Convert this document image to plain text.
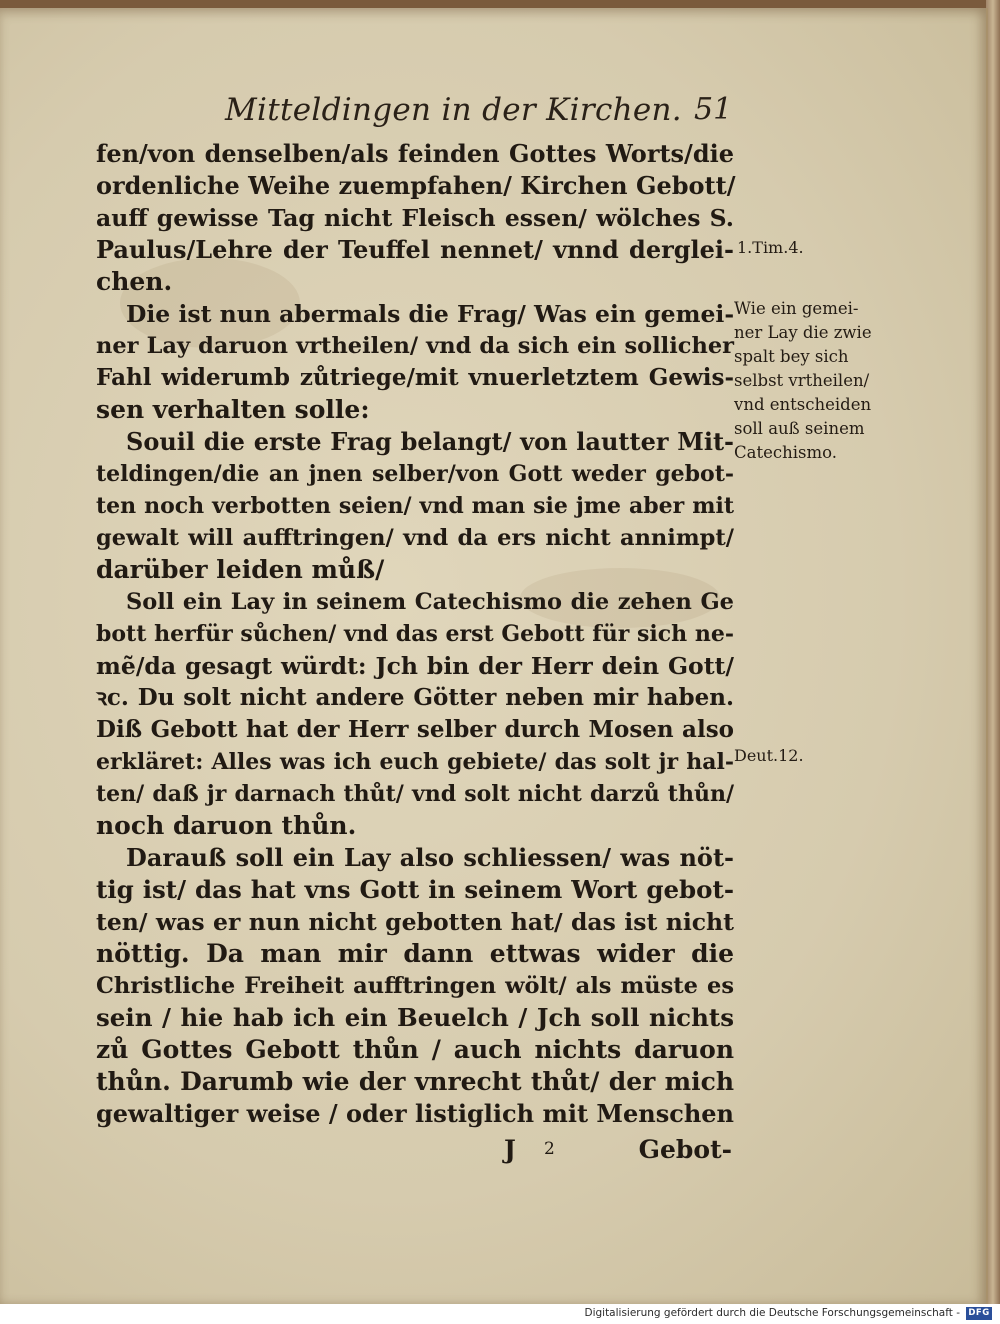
Mitteldingen in der Kirchen. 51
fen/von denselben/als feinden Gottes Worts/die
ordenliche Weihe zuempfahen/ Kirchen Gebott/
auff gewisse Tag nicht Fleisch essen/ wölches S.
Paulus/Lehre der Teuffel nennet/ vnnd derglei-
chen.
Die ist nun abermals die Frag/ Was ein gemei-
ner Lay daruon vrtheilen/ vnd da sich ein sollicher
Fahl widerumb zůtriege/mit vnuerletztem Gewis-
sen verhalten solle:
Souil die erste Frag belangt/ von lautter Mit-
teldingen/die an jnen selber/von Gott weder gebot-
ten noch verbotten seien/ vnd man sie jme aber mit
gewalt will aufftringen/ vnd da ers nicht annimpt/
darüber leiden můß/
Soll ein Lay in seinem Catechismo die zehen Ge
bott herfür sůchen/ vnd das erst Gebott für sich ne-
mẽ/da gesagt würdt: Jch bin der Herr dein Gott/
ꝛc. Du solt nicht andere Götter neben mir haben.
Diß Gebott hat der Herr selber durch Mosen also
erkläret: Alles was ich euch gebiete/ das solt jr hal-
ten/ daß jr darnach thůt/ vnd solt nicht darzů thůn/
noch daruon thůn.
Darauß soll ein Lay also schliessen/ was nöt-
tig ist/ das hat vns Gott in seinem Wort gebot-
ten/ was er nun nicht gebotten hat/ das ist nicht
nöttig. Da man mir dann ettwas wider die
Christliche Freiheit aufftringen wölt/ als müste es
sein / hie hab ich ein Beuelch / Jch soll nichts
zů Gottes Gebott thůn / auch nichts daruon
thůn. Darumb wie der vnrecht thůt/ der mich
gewaltiger weise / oder listiglich mit Menschen
J 2	Gebot-
1.Tim.4.
Wie ein gemei-
ner Lay die zwie
spalt bey sich
selbst vrtheilen/
vnd entscheiden
soll auß seinem
Catechismo.
Deut.12.
Digitalisierung gefördert durch die Deutsche Forschungsgemeinschaft - DFG
